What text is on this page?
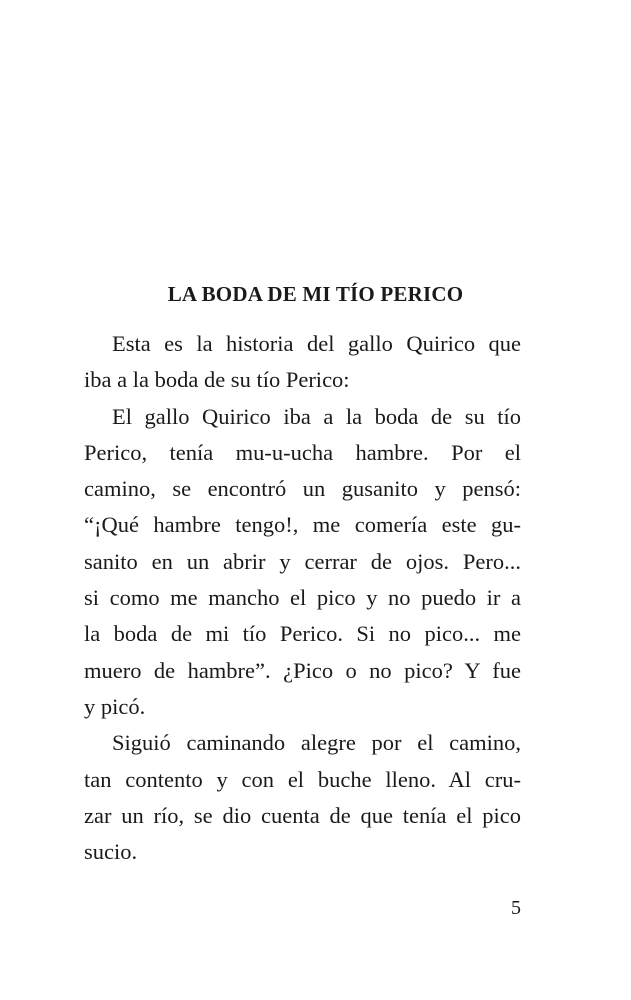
LA BODA DE MI TÍO PERICO
Esta es la historia del gallo Quirico que
iba a la boda de su tío Perico:
El gallo Quirico iba a la boda de su tío
Perico, tenía mu-u-ucha hambre. Por el
camino, se encontró un gusanito y pensó:
“¡Qué hambre tengo!, me comería este gu-
sanito en un abrir y cerrar de ojos. Pero...
si como me mancho el pico y no puedo ir a
la boda de mi tío Perico. Si no pico... me
muero de hambre”. ¿Pico o no pico? Y fue
y picó.
Siguió caminando alegre por el camino,
tan contento y con el buche lleno. Al cru-
zar un río, se dio cuenta de que tenía el pico
sucio.
5
